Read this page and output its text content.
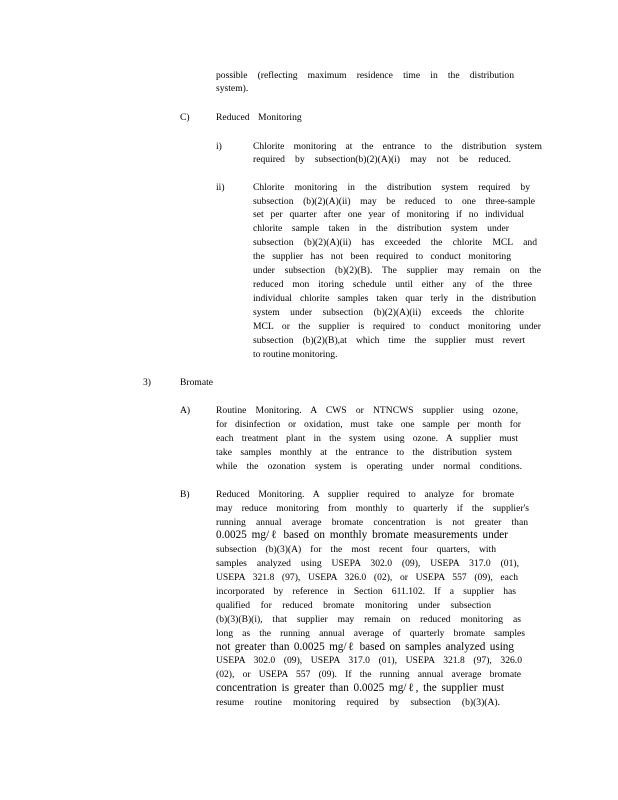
possible (reflecting maximum residence time in the distribution
system).
C)	Reduced Monitoring
i)	Chlorite monitoring at the entrance to the distribution system
required by subsection(b)(2)(A)(i) may not be reduced.
ii)	Chlorite monitoring in the distribution system required by
subsection (b)(2)(A)(ii) may be reduced to one three-sample
set per quarter after one year of monitoring if no individual
chlorite sample taken in the distribution system under
subsection (b)(2)(A)(ii) has exceeded the chlorite MCL and
the supplier has not been required to conduct monitoring
under subsection (b)(2)(B). The supplier may remain on the
reduced mon itoring schedule until either any of the three
individual chlorite samples taken quar terly in the distribution
system under subsection (b)(2)(A)(ii) exceeds the chlorite
MCL or the supplier is required to conduct monitoring under
subsection (b)(2)(B),at which time the supplier must revert
to routine monitoring.
3)	Bromate
A)	Routine Monitoring. A CWS or NTNCWS supplier using ozone,
for disinfection or oxidation, must take one sample per month for
each treatment plant in the system using ozone. A supplier must
take samples monthly at the entrance to the distribution system
while the ozonation system is operating under normal conditions.
B)	Reduced Monitoring. A supplier required to analyze for bromate
may reduce monitoring from monthly to quarterly if the supplier's
running annual average bromate concentration is not greater than
0.0025 mg/ℓ based on monthly bromate measurements under
subsection (b)(3)(A) for the most recent four quarters, with
samples analyzed using USEPA 302.0 (09), USEPA 317.0 (01),
USEPA 321.8 (97), USEPA 326.0 (02), or USEPA 557 (09), each
incorporated by reference in Section 611.102. If a supplier has
qualified for reduced bromate monitoring under subsection
(b)(3)(B)(i), that supplier may remain on reduced monitoring as
long as the running annual average of quarterly bromate samples
not greater than 0.0025 mg/ℓ based on samples analyzed using
USEPA 302.0 (09), USEPA 317.0 (01), USEPA 321.8 (97), 326.0
(02), or USEPA 557 (09). If the running annual average bromate
concentration is greater than 0.0025 mg/ℓ, the supplier must
resume routine monitoring required by subsection (b)(3)(A).
